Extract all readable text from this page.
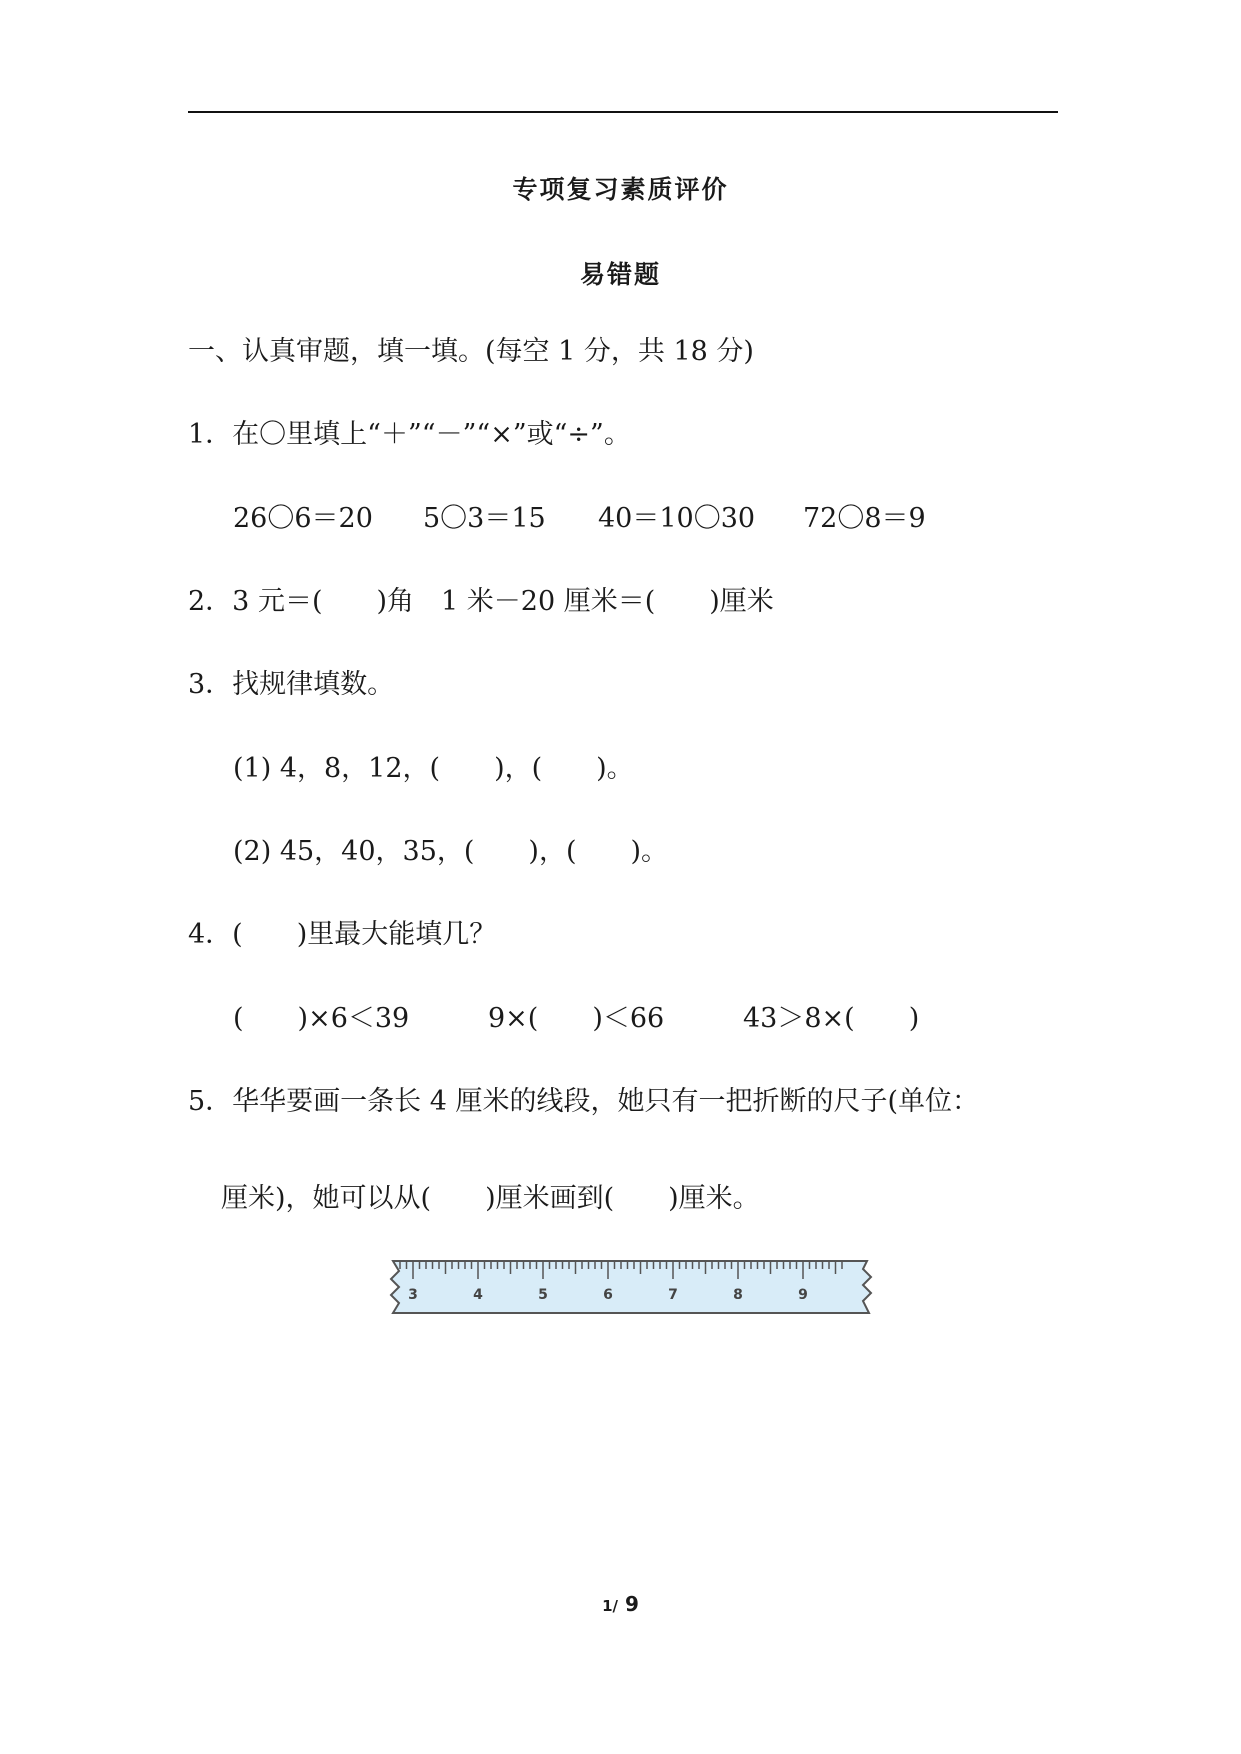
专项复习素质评价
易错题
一、认真审题，填一填。(每空 1 分，共 18 分)
1．在〇里填上“＋”“－”“×”或“÷”。
26〇6＝20 5〇3＝15 40＝10〇30 72〇8＝9
2．3 元＝(　　)角　1 米－20 厘米＝(　　)厘米
3．找规律填数。
(1) 4，8，12，(　　)，(　　)。
(2) 45，40，35，(　　)，(　　)。
4．(　　)里最大能填几？
(　　)×6＜39	9×(　　)＜66	43＞8×(　　)
5．华华要画一条长 4 厘米的线段，她只有一把折断的尺子(单位：
厘米)，她可以从(　　)厘米画到(　　)厘米。
3	4	5	6	7	8	9
1/ 9
